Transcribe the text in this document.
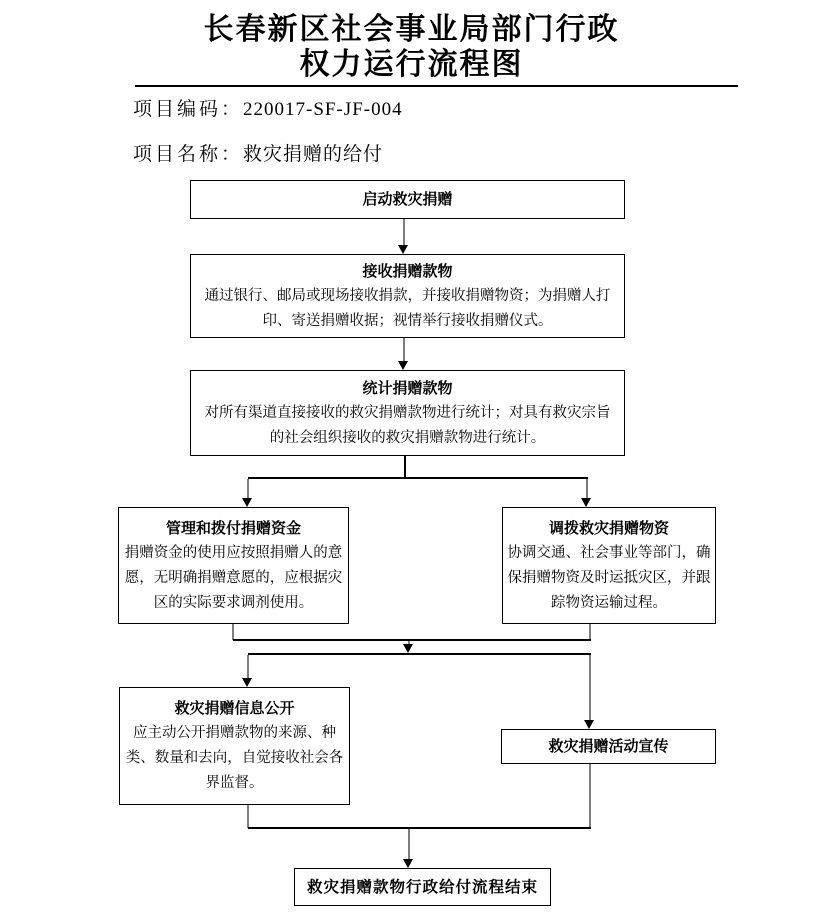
长春新区社会事业局部门行政
权力运行流程图
项目编码：220017-SF-JF-004
项目名称：救灾捐赠的给付
启动救灾捐赠
接收捐赠款物
通过银行、邮局或现场接收捐款，并接收捐赠物资；为捐赠人打印、寄送捐赠收据；视情举行接收捐赠仪式。
统计捐赠款物
对所有渠道直接接收的救灾捐赠款物进行统计；对具有救灾宗旨的社会组织接收的救灾捐赠款物进行统计。
管理和拨付捐赠资金
捐赠资金的使用应按照捐赠人的意愿，无明确捐赠意愿的，应根据灾区的实际要求调剂使用。
调拨救灾捐赠物资
协调交通、社会事业等部门，确保捐赠物资及时运抵灾区，并跟踪物资运输过程。
救灾捐赠信息公开
应主动公开捐赠款物的来源、种类、数量和去向，自觉接收社会各界监督。
救灾捐赠活动宣传
救灾捐赠款物行政给付流程结束
